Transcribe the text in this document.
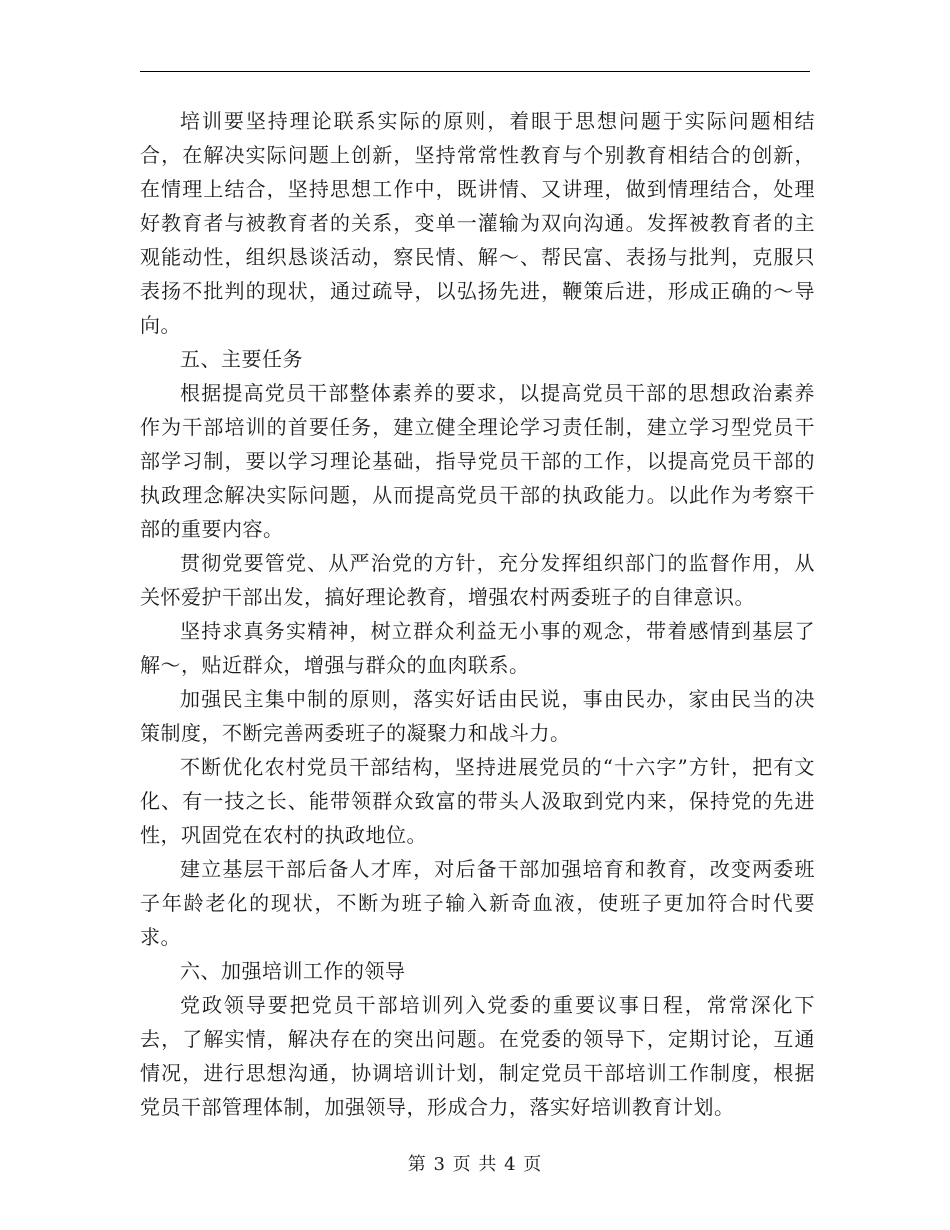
培训要坚持理论联系实际的原则，着眼于思想问题于实际问题相结合，在解决实际问题上创新，坚持常常性教育与个别教育相结合的创新，在情理上结合，坚持思想工作中，既讲情、又讲理，做到情理结合，处理好教育者与被教育者的关系，变单一灌输为双向沟通。发挥被教育者的主观能动性，组织恳谈活动，察民情、解～、帮民富、表扬与批判，克服只表扬不批判的现状，通过疏导，以弘扬先进，鞭策后进，形成正确的～导向。

五、主要任务

根据提高党员干部整体素养的要求，以提高党员干部的思想政治素养作为干部培训的首要任务，建立健全理论学习责任制，建立学习型党员干部学习制，要以学习理论基础，指导党员干部的工作，以提高党员干部的执政理念解决实际问题，从而提高党员干部的执政能力。以此作为考察干部的重要内容。

贯彻党要管党、从严治党的方针，充分发挥组织部门的监督作用，从关怀爱护干部出发，搞好理论教育，增强农村两委班子的自律意识。

坚持求真务实精神，树立群众利益无小事的观念，带着感情到基层了解～，贴近群众，增强与群众的血肉联系。

加强民主集中制的原则，落实好话由民说，事由民办，家由民当的决策制度，不断完善两委班子的凝聚力和战斗力。

不断优化农村党员干部结构，坚持进展党员的“十六字”方针，把有文化、有一技之长、能带领群众致富的带头人汲取到党内来，保持党的先进性，巩固党在农村的执政地位。

建立基层干部后备人才库，对后备干部加强培育和教育，改变两委班子年龄老化的现状，不断为班子输入新奇血液，使班子更加符合时代要求。

六、加强培训工作的领导

党政领导要把党员干部培训列入党委的重要议事日程，常常深化下去，了解实情，解决存在的突出问题。在党委的领导下，定期讨论，互通情况，进行思想沟通，协调培训计划，制定党员干部培训工作制度，根据党员干部管理体制，加强领导，形成合力，落实好培训教育计划。

第 3 页 共 4 页
